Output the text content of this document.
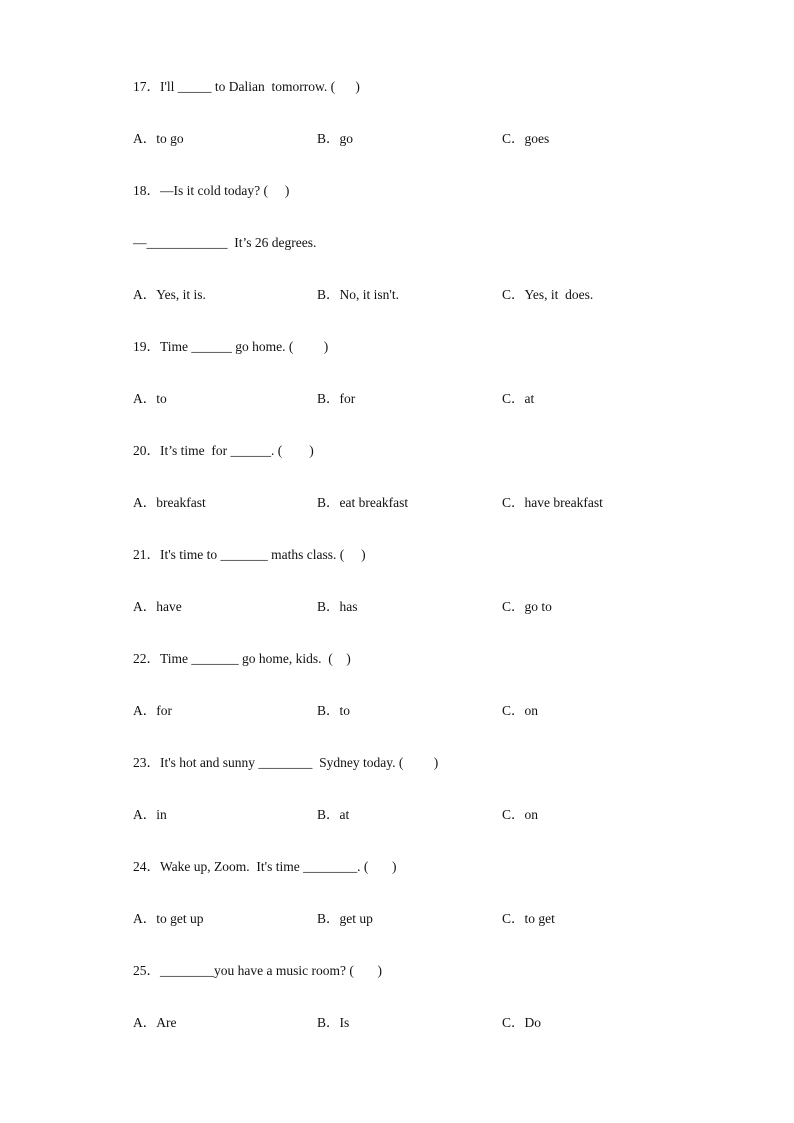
17．I'll _____ to Dalian  tomorrow. (      )
A．to go	B．go	C．goes
18．—Is it cold today? (     )
—____________  It’s 26 degrees.
A．Yes, it is.	B．No, it isn't.	C．Yes, it  does.
19．Time ______ go home. (         )
A．to	B．for	C．at
20．It’s time  for ______. (        )
A．breakfast	B．eat breakfast	C．have breakfast
21．It's time to _______ maths class. (     )
A．have	B．has	C．go to
22．Time _______ go home, kids.  (    )
A．for	B．to	C．on
23．It's hot and sunny ________  Sydney today. (         )
A．in	B．at	C．on
24．Wake up, Zoom.  It's time ________. (       )
A．to get up	B．get up	C．to get
25．________you have a music room? (       )
A．Are	B．Is	C．Do
